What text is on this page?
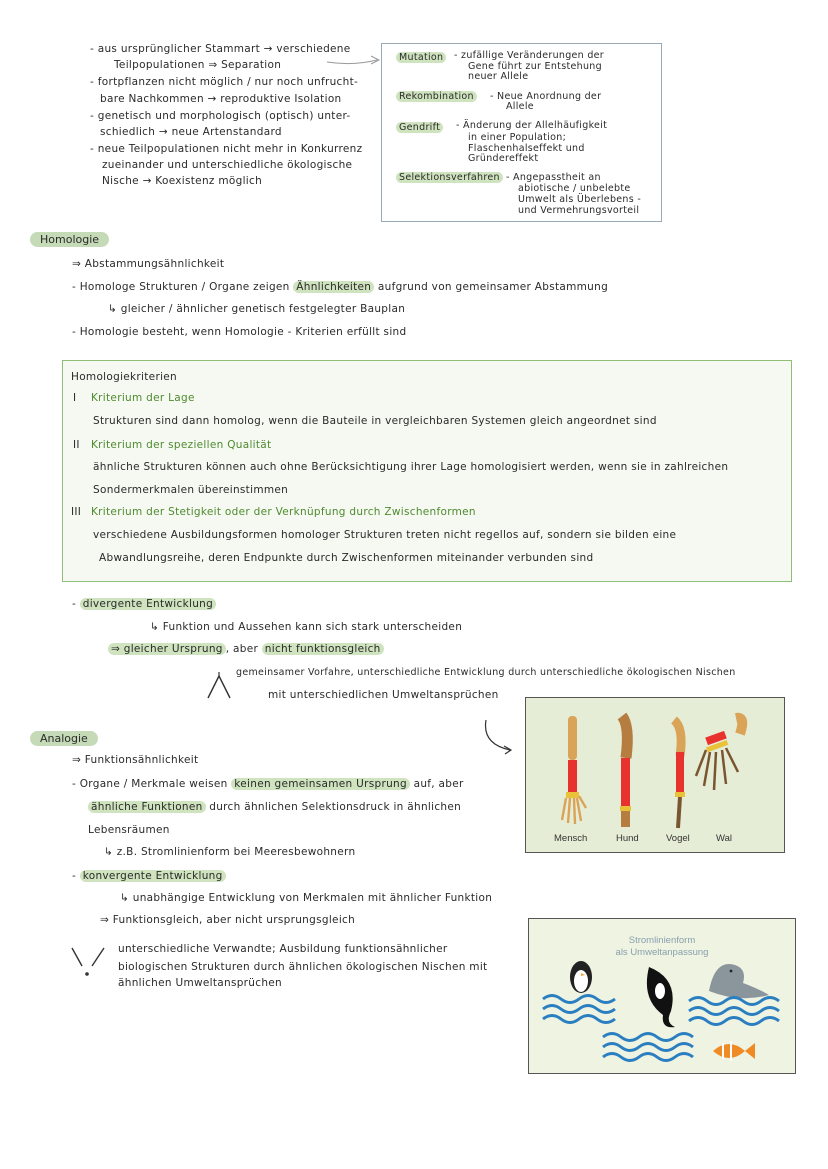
- aus ursprünglicher Stammart → verschiedene
Teilpopulationen ⇒ Separation
- fortpflanzen nicht möglich / nur noch unfrucht-
bare Nachkommen → reproduktive Isolation
- genetisch und morphologisch (optisch) unter-
schiedlich → neue Artenstandard
- neue Teilpopulationen nicht mehr in Konkurrenz
zueinander und unterschiedliche ökologische
Nische → Koexistenz möglich
Mutation	- zufällige Veränderungen der
Gene führt zur Entstehung
neuer Allele
Rekombination	- Neue Anordnung der
Allele
Gendrift	- Änderung der Allelhäufigkeit
in einer Population;
Flaschenhalseffekt und
Gründereffekt
Selektionsverfahren - Angepasstheit an
abiotische / unbelebte
Umwelt als Überlebens -
und Vermehrungsvorteil
Homologie
⇒ Abstammungsähnlichkeit
- Homologe Strukturen / Organe zeigen Ähnlichkeiten aufgrund von gemeinsamer Abstammung
↳ gleicher / ähnlicher genetisch festgelegter Bauplan
- Homologie besteht, wenn Homologie - Kriterien erfüllt sind
Homologiekriterien
I Kriterium der Lage
Strukturen sind dann homolog, wenn die Bauteile in vergleichbaren Systemen gleich angeordnet sind
II Kriterium der speziellen Qualität
ähnliche Strukturen können auch ohne Berücksichtigung ihrer Lage homologisiert werden, wenn sie in zahlreichen
Sondermerkmalen übereinstimmen
III Kriterium der Stetigkeit oder der Verknüpfung durch Zwischenformen
verschiedene Ausbildungsformen homologer Strukturen treten nicht regellos auf, sondern sie bilden eine
Abwandlungsreihe, deren Endpunkte durch Zwischenformen miteinander verbunden sind
- divergente Entwicklung
↳ Funktion und Aussehen kann sich stark unterscheiden
⇒ gleicher Ursprung , aber nicht funktionsgleich
gemeinsamer Vorfahre, unterschiedliche Entwicklung durch unterschiedliche ökologischen Nischen
mit unterschiedlichen Umweltansprüchen
Mensch	Hund	Vogel	Wal
Analogie
⇒ Funktionsähnlichkeit
- Organe / Merkmale weisen keinen gemeinsamen Ursprung auf, aber
ähnliche Funktionen durch ähnlichen Selektionsdruck in ähnlichen
Lebensräumen
↳ z.B. Stromlinienform bei Meeresbewohnern
- konvergente Entwicklung
↳ unabhängige Entwicklung von Merkmalen mit ähnlicher Funktion
⇒ Funktionsgleich, aber nicht ursprungsgleich
unterschiedliche Verwandte; Ausbildung funktionsähnlicher
biologischen Strukturen durch ähnlichen ökologischen Nischen mit
ähnlichen Umweltansprüchen
Stromlinienform
als Umweltanpassung
